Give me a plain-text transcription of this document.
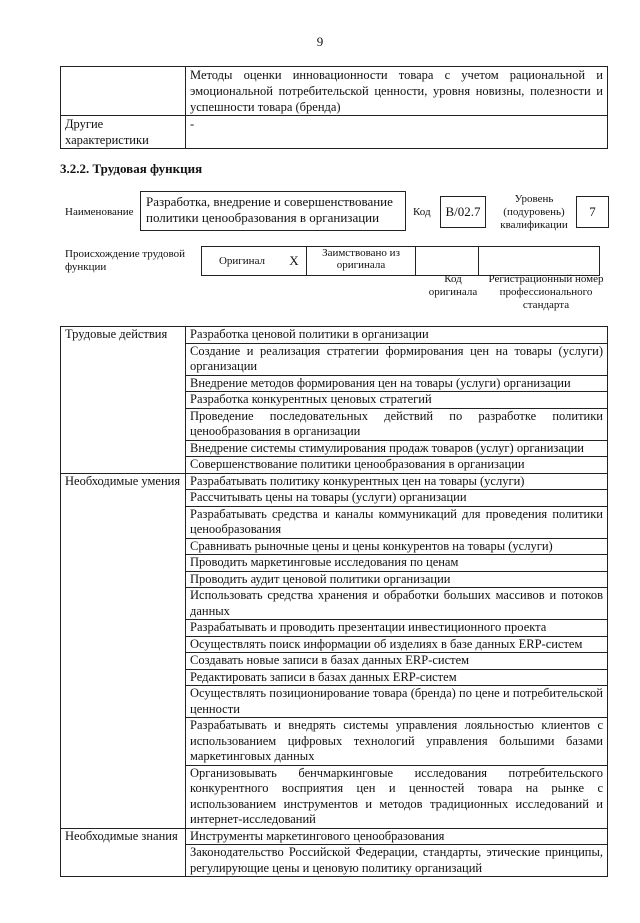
9
	Методы оценки инновационности товара с учетом рациональной и эмоциональной потребительской ценности, уровня новизны, полезности и успешности товара (бренда)
Другие характеристики	-
3.2.2. Трудовая функция
Наименование
Разработка, внедрение и совершенствование политики ценообразования в организации	Код	B/02.7
Уровень (подуровень) квалификации
7
Происхождение трудовой функции	Оригинал	X	Заимствовано из оригинала		
Код оригинала
Регистрационный номер профессионального стандарта
Трудовые действия	Разработка ценовой политики в организации
	Создание и реализация стратегии формирования цен на товары (услуги) организации
	Внедрение методов формирования цен на товары (услуги) организации
	Разработка конкурентных ценовых стратегий
	Проведение последовательных действий по разработке политики ценообразования в организации
	Внедрение системы стимулирования продаж товаров (услуг) организации
	Совершенствование политики ценообразования в организации
Необходимые умения	Разрабатывать политику конкурентных цен на товары (услуги)
	Рассчитывать цены на товары (услуги) организации
	Разрабатывать средства и каналы коммуникаций для проведения политики ценообразования
	Сравнивать рыночные цены и цены конкурентов на товары (услуги)
	Проводить маркетинговые исследования по ценам
	Проводить аудит ценовой политики организации
	Использовать средства хранения и обработки больших массивов и потоков данных
	Разрабатывать и проводить презентации инвестиционного проекта
	Осуществлять поиск информации об изделиях в базе данных ERP-систем
	Создавать новые записи в базах данных ERP-систем
	Редактировать записи в базах данных ERP-систем
	Осуществлять позиционирование товара (бренда) по цене и потребительской ценности
	Разрабатывать и внедрять системы управления лояльностью клиентов с использованием цифровых технологий управления большими базами маркетинговых данных
	Организовывать бенчмаркинговые исследования потребительского конкурентного восприятия цен и ценностей товара на рынке с использованием инструментов и методов традиционных исследований и интернет-исследований
Необходимые знания	Инструменты маркетингового ценообразования
	Законодательство Российской Федерации, стандарты, этические принципы, регулирующие цены и ценовую политику организаций
